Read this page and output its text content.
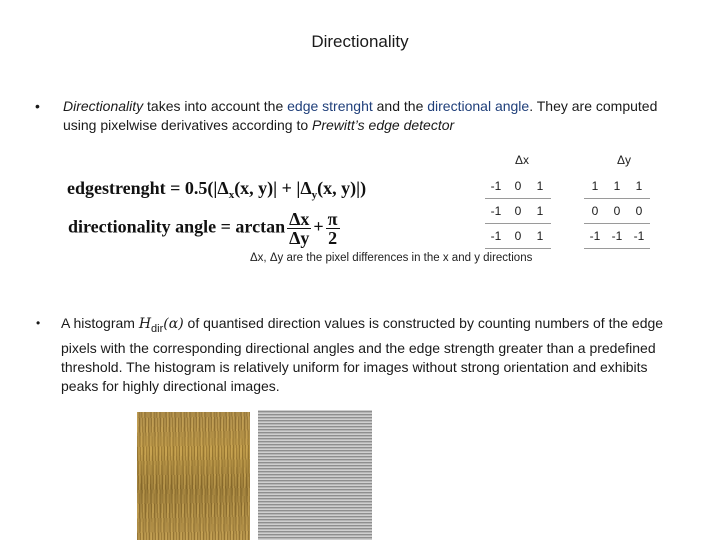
Directionality
• Directionality takes into account the edge strenght and the directional angle. They are computed using pixelwise derivatives according to Prewitt’s edge detector
edgestrenght = $0.5(|\Delta_x(x$, $y)| + |\Delta_y(x$, y)|)
directionality angle = $\arctan \frac{\Delta x}{\Delta y} + \frac{\pi}{2}$
Δx	Δy
-1	0	1
-1	0	1
-1	0	1
1	1	1
0	0	0
-1	-1	-1
Δx, Δy are the pixel differences in the x and y directions
• A histogram $H_{dir}(\alpha)$ of quantised direction values is constructed by counting numbers of the edge pixels with the corresponding directional angles and the edge strength greater than a predefined threshold. The histogram is relatively uniform for images without strong orientation and exhibits peaks for highly directional images.
